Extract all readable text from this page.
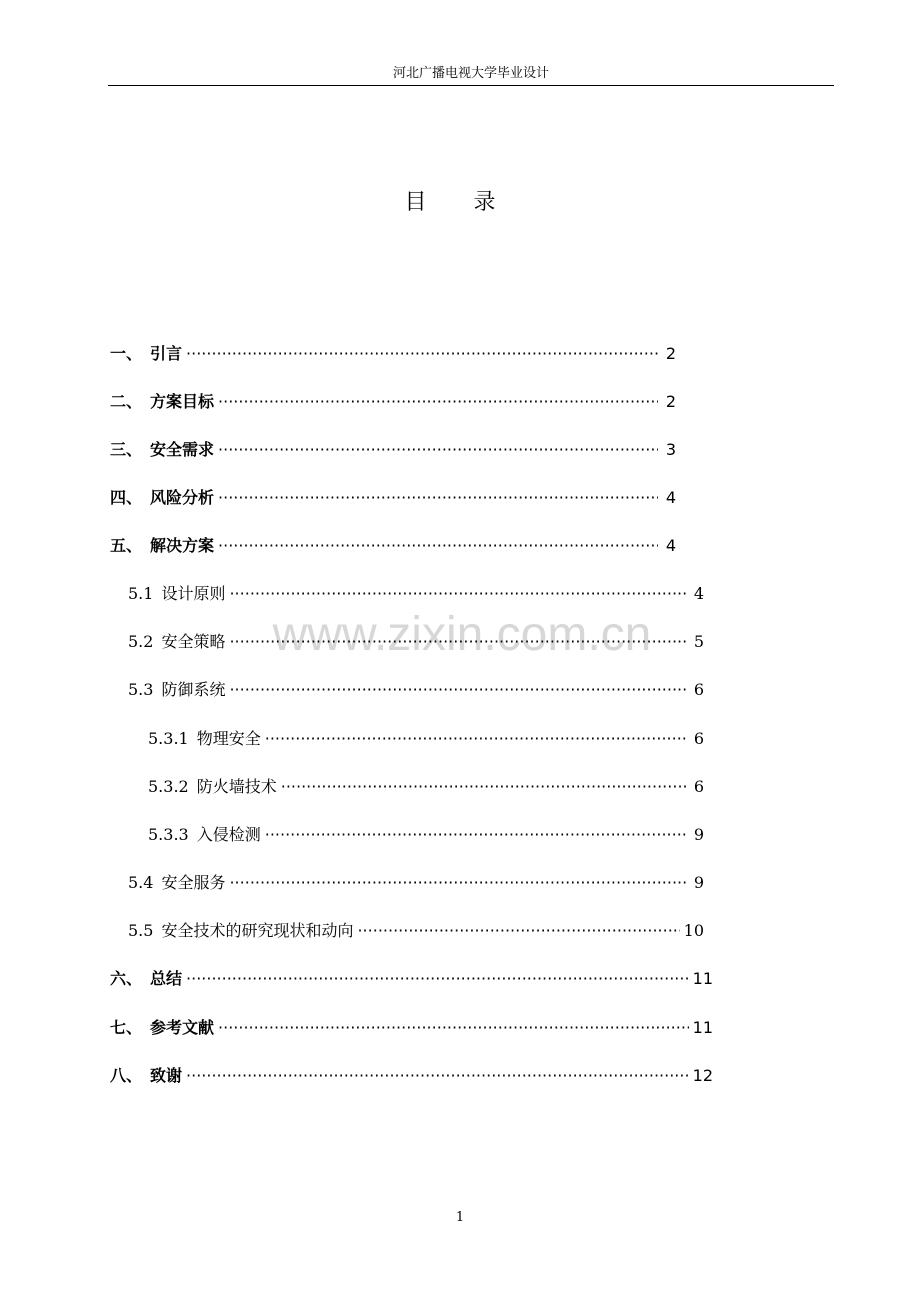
河北广播电视大学毕业设计
目 录
www.zixin.com.cn
一、 引言 ·····	2
二、 方案目标 ·····	2
三、 安全需求 ·····	3
四、 风险分析 ·····	4
五、 解决方案 ·····	4
5.1 设计原则 ·····	4
5.2 安全策略 ·····	5
5.3 防御系统 ·····	6
5.3.1 物理安全 ·····	6
5.3.2 防火墙技术 ·····	6
5.3.3 入侵检测 ·····	9
5.4 安全服务 ·····	9
5.5 安全技术的研究现状和动向 ·····	10
六、 总结 ·····	11
七、 参考文献 ·····	11
八、 致谢 ·····	12
1
